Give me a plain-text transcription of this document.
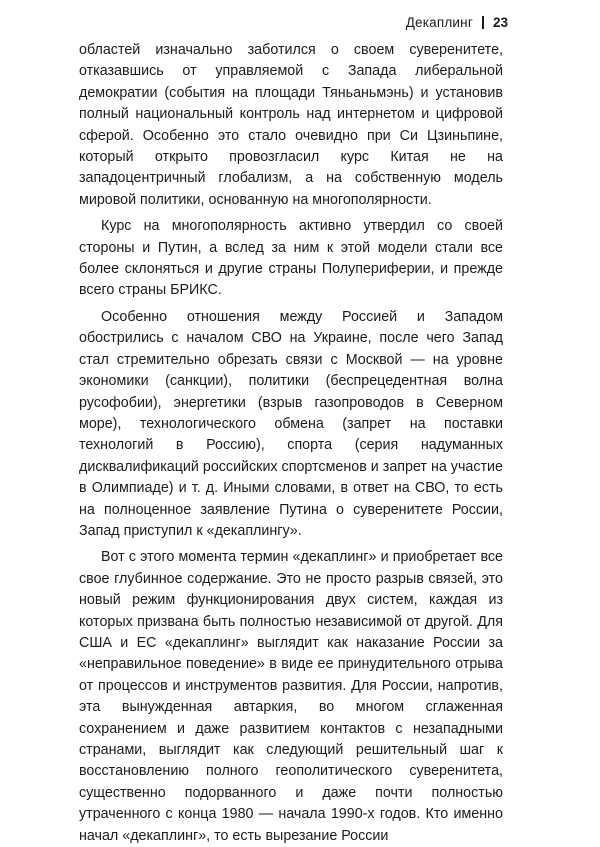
Декаплинг 23

областей изначально заботился о своем суверенитете, отказавшись от управляемой с Запада либеральной демократии (события на площади Тяньаньмэнь) и установив полный национальный контроль над интернетом и цифровой сферой. Особенно это стало очевидно при Си Цзиньпине, который открыто провозгласил курс Китая не на западоцентричный глобализм, а на собственную модель мировой политики, основанную на многополярности.

Курс на многополярность активно утвердил со своей стороны и Путин, а вслед за ним к этой модели стали все более склоняться и другие страны Полупериферии, и прежде всего страны БРИКС.

Особенно отношения между Россией и Западом обострились с началом СВО на Украине, после чего Запад стал стремительно обрезать связи с Москвой — на уровне экономики (санкции), политики (беспрецедентная волна русофобии), энергетики (взрыв газопроводов в Северном море), технологического обмена (запрет на поставки технологий в Россию), спорта (серия надуманных дисквалификаций российских спортсменов и запрет на участие в Олимпиаде) и т. д. Иными словами, в ответ на СВО, то есть на полноценное заявление Путина о суверенитете России, Запад приступил к «декаплингу».

Вот с этого момента термин «декаплинг» и приобретает все свое глубинное содержание. Это не просто разрыв связей, это новый режим функционирования двух систем, каждая из которых призвана быть полностью независимой от другой. Для США и ЕС «декаплинг» выглядит как наказание России за «неправильное поведение» в виде ее принудительного отрыва от процессов и инструментов развития. Для России, напротив, эта вынужденная автаркия, во многом сглаженная сохранением и даже развитием контактов с незападными странами, выглядит как следующий решительный шаг к восстановлению полного геополитического суверенитета, существенно подорванного и даже почти полностью утраченного с конца 1980 — начала 1990-х годов. Кто именно начал «декаплинг», то есть вырезание России
